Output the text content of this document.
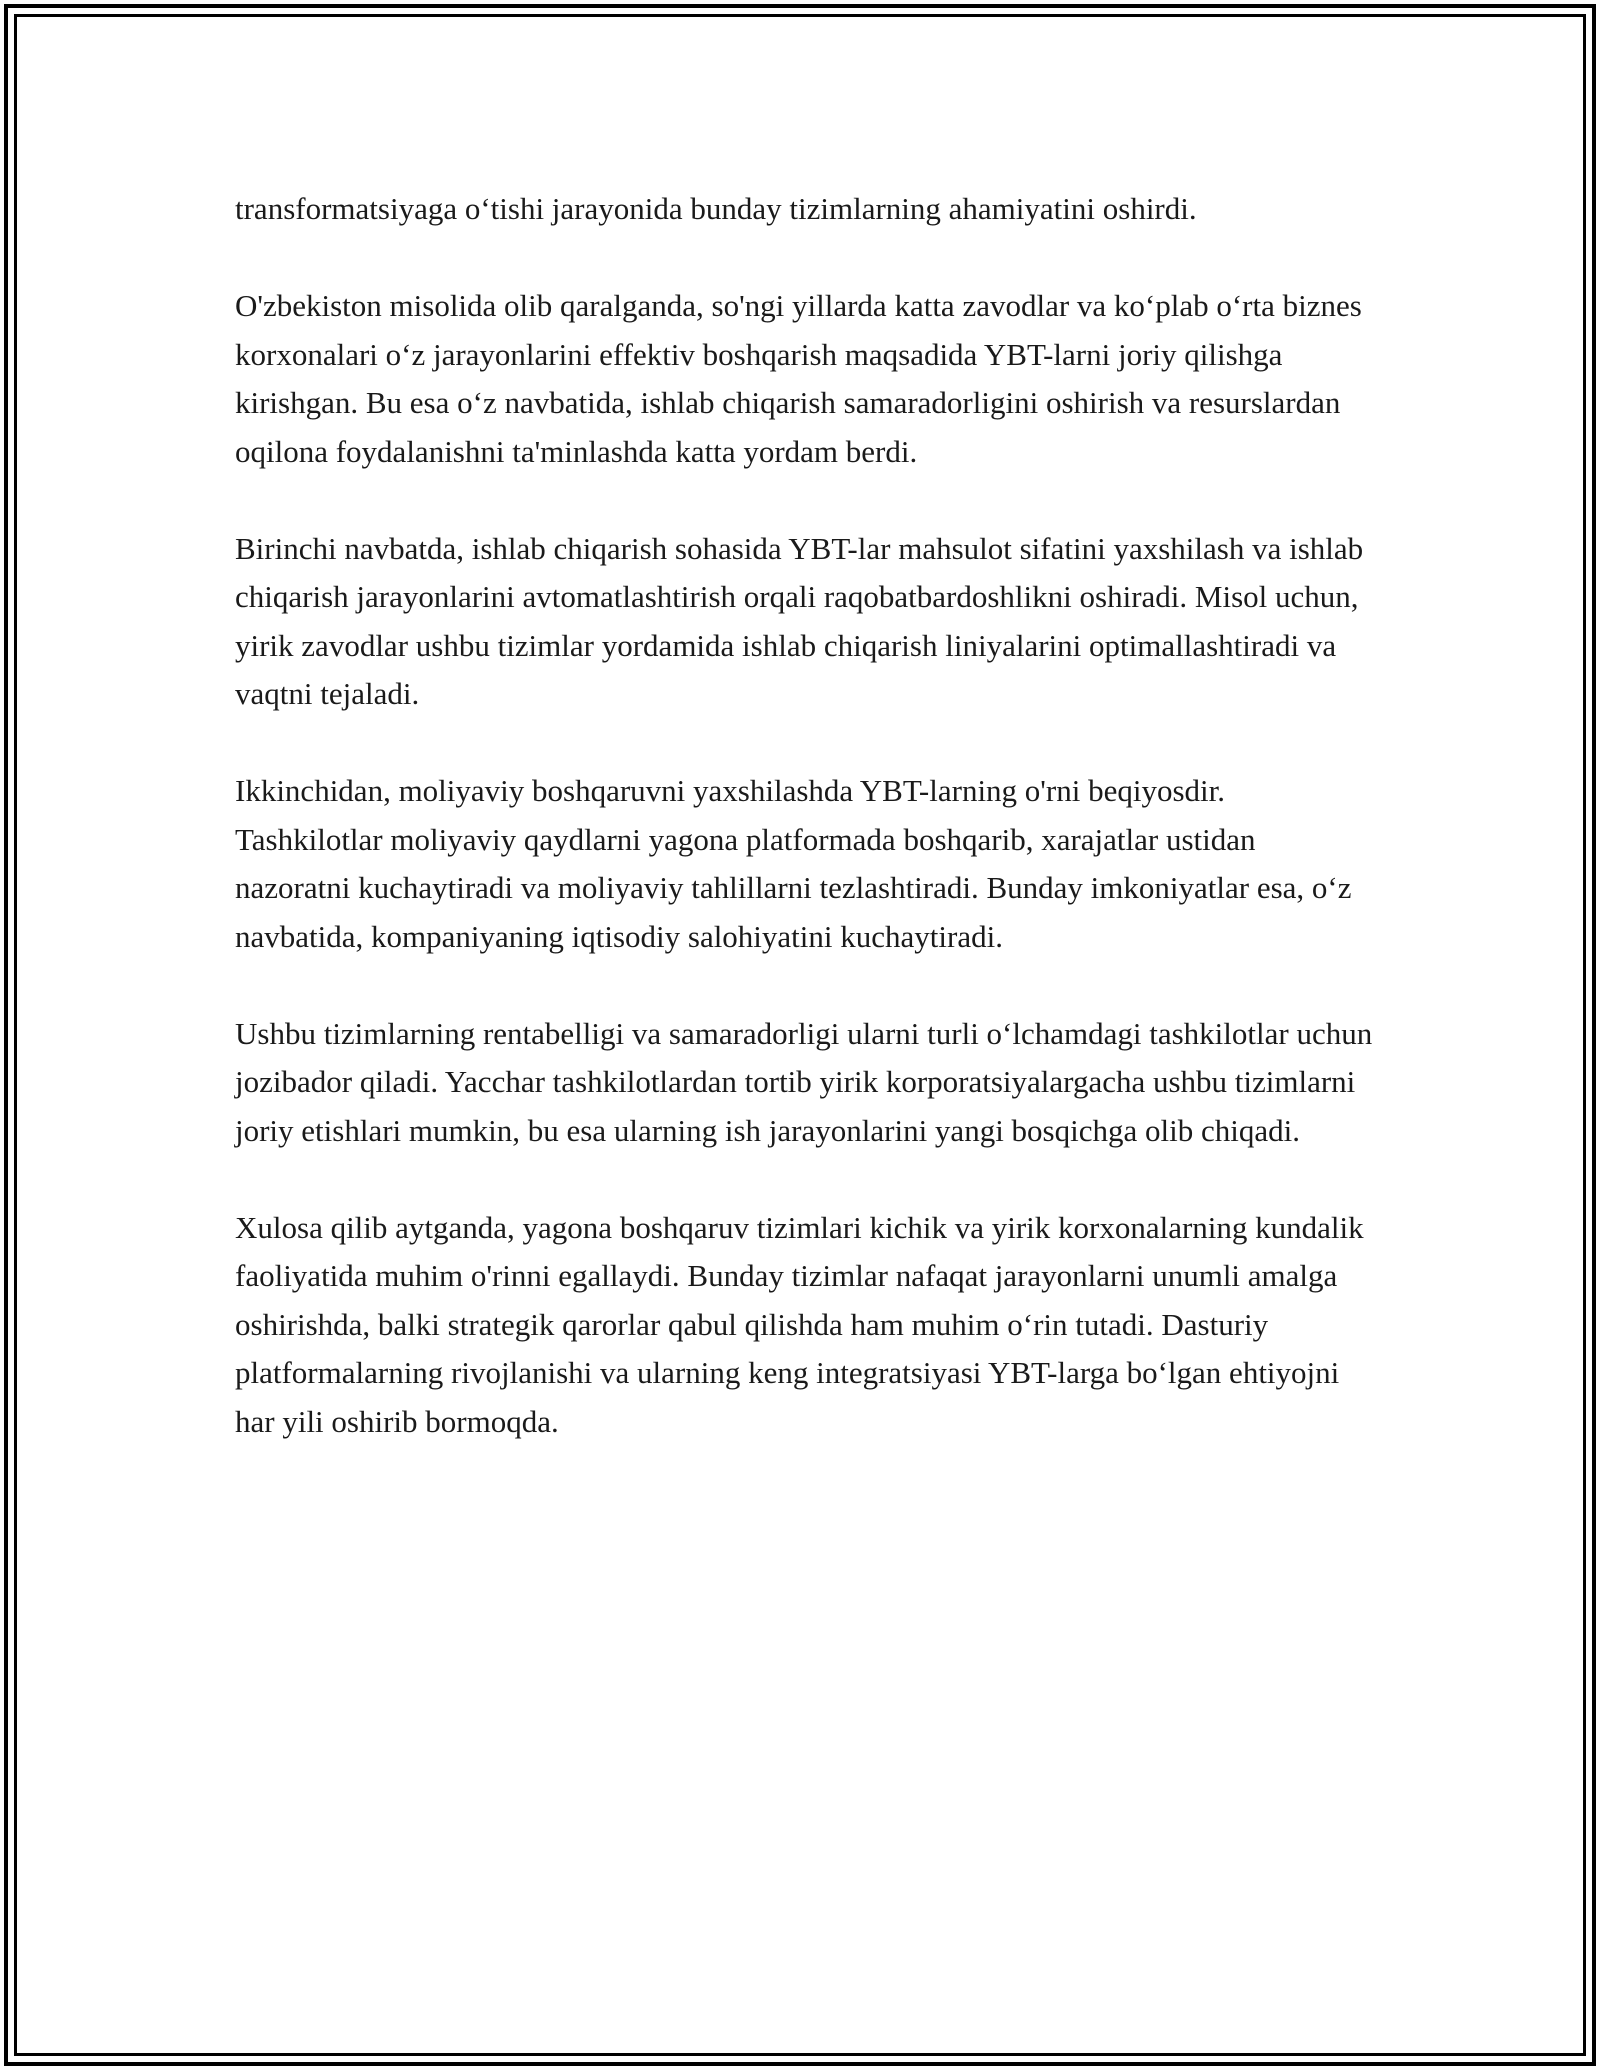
transformatsiyaga o‘tishi jarayonida bunday tizimlarning ahamiyatini oshirdi.

O'zbekiston misolida olib qaralganda, so'ngi yillarda katta zavodlar va ko‘plab o‘rta biznes korxonalari o‘z jarayonlarini effektiv boshqarish maqsadida YBT-larni joriy qilishga kirishgan. Bu esa o‘z navbatida, ishlab chiqarish samaradorligini oshirish va resurslardan oqilona foydalanishni ta'minlashda katta yordam berdi.

Birinchi navbatda, ishlab chiqarish sohasida YBT-lar mahsulot sifatini yaxshilash va ishlab chiqarish jarayonlarini avtomatlashtirish orqali raqobatbardoshlikni oshiradi. Misol uchun, yirik zavodlar ushbu tizimlar yordamida ishlab chiqarish liniyalarini optimallashtiradi va vaqtni tejaladi.

Ikkinchidan, moliyaviy boshqaruvni yaxshilashda YBT-larning o'rni beqiyosdir. Tashkilotlar moliyaviy qaydlarni yagona platformada boshqarib, xarajatlar ustidan nazoratni kuchaytiradi va moliyaviy tahlillarni tezlashtiradi. Bunday imkoniyatlar esa, o‘z navbatida, kompaniyaning iqtisodiy salohiyatini kuchaytiradi.

Ushbu tizimlarning rentabelligi va samaradorligi ularni turli o‘lchamdagi tashkilotlar uchun jozibador qiladi. Yacchar tashkilotlardan tortib yirik korporatsiyalargacha ushbu tizimlarni joriy etishlari mumkin, bu esa ularning ish jarayonlarini yangi bosqichga olib chiqadi.

Xulosa qilib aytganda, yagona boshqaruv tizimlari kichik va yirik korxonalarning kundalik faoliyatida muhim o'rinni egallaydi. Bunday tizimlar nafaqat jarayonlarni unumli amalga oshirishda, balki strategik qarorlar qabul qilishda ham muhim o‘rin tutadi. Dasturiy platformalarning rivojlanishi va ularning keng integratsiyasi YBT-larga bo‘lgan ehtiyojni har yili oshirib bormoqda.
